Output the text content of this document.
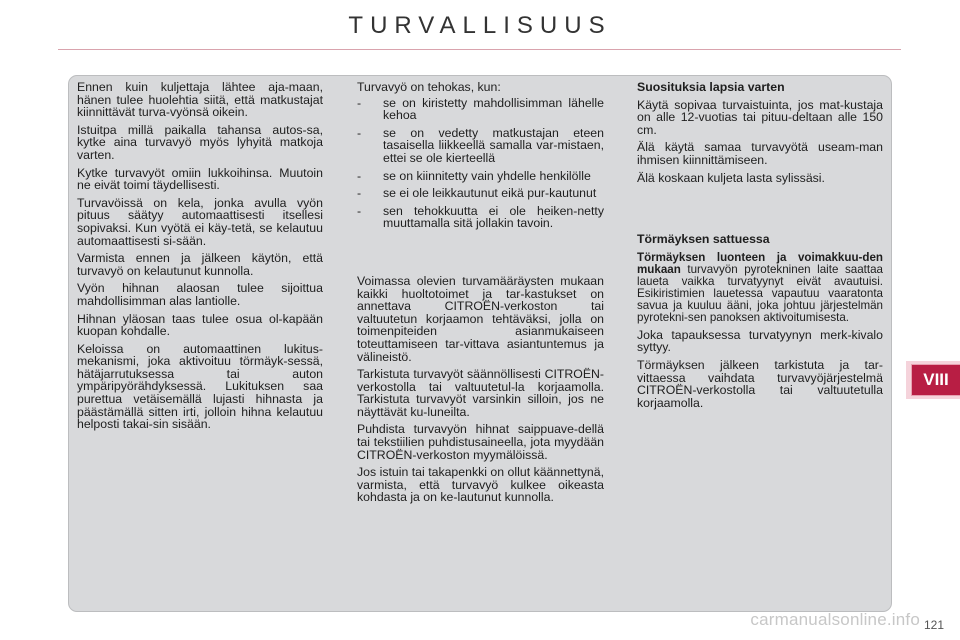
TURVALLISUUS

Ennen kuin kuljettaja lähtee aja-maan, hänen tulee huolehtia siitä, että matkustajat kiinnittävät turva-vyönsä oikein.

Istuitpa millä paikalla tahansa autos-sa, kytke aina turvavyö myös lyhyitä matkoja varten.

Kytke turvavyöt omiin lukkoihinsa. Muutoin ne eivät toimi täydellisesti.

Turvavöissä on kela, jonka avulla vyön pituus säätyy automaattisesti itsellesi sopivaksi. Kun vyötä ei käy-tetä, se kelautuu automaattisesti si-sään.

Varmista ennen ja jälkeen käytön, että turvavyö on kelautunut kunnolla.

Vyön hihnan alaosan tulee sijoittua mahdollisimman alas lantiolle.

Hihnan yläosan taas tulee osua ol-kapään kuopan kohdalle.

Keloissa on automaattinen lukitus-mekanismi, joka aktivoituu törmäyk-sessä, hätäjarrutuksessa tai auton ympäripyörähdyksessä. Lukituksen saa purettua vetäisemällä lujasti hihnasta ja päästämällä sitten irti, jolloin hihna kelautuu helposti takai-sin sisään.

Turvavyö on tehokas, kun:

- se on kiristetty mahdollisimman lähelle kehoa
- se on vedetty matkustajan eteen tasaisella liikkeellä samalla var-mistaen, ettei se ole kierteellä
- se on kiinnitetty vain yhdelle henkilölle
- se ei ole leikkautunut eikä pur-kautunut
- sen tehokkuutta ei ole heiken-netty muuttamalla sitä jollakin tavoin.

Voimassa olevien turvamääräysten mukaan kaikki huoltotoimet ja tar-kastukset on annettava CITROËN-verkoston tai valtuutetun korjaamon tehtäväksi, jolla on toimenpiteiden asianmukaiseen toteuttamiseen tar-vittava asiantuntemus ja välineistö.

Tarkistuta turvavyöt säännöllisesti CITROËN-verkostolla tai valtuutetul-la korjaamolla. Tarkistuta turvavyöt varsinkin silloin, jos ne näyttävät ku-luneilta.

Puhdista turvavyön hihnat saippuave-dellä tai tekstiilien puhdistusaineella, jota myydään CITROËN-verkoston myymälöissä.

Jos istuin tai takapenkki on ollut käännettynä, varmista, että turvavyö kulkee oikeasta kohdasta ja on ke-lautunut kunnolla.

Suosituksia lapsia varten

Käytä sopivaa turvaistuinta, jos mat-kustaja on alle 12-vuotias tai pituu-deltaan alle 150 cm.

Älä käytä samaa turvavyötä useam-man ihmisen kiinnittämiseen.

Älä koskaan kuljeta lasta sylissäsi.

Törmäyksen sattuessa

Törmäyksen luonteen ja voimakkuu-den mukaan turvavyön pyrotekninen laite saattaa laueta vaikka turvatyynyt eivät avautuisi. Esikiristimien lauetessa vapautuu vaaratonta savua ja kuuluu ääni, joka johtuu järjestelmän pyrotekni-sen panoksen aktivoitumisesta.

Joka tapauksessa turvatyynyn merk-kivalo syttyy.

Törmäyksen jälkeen tarkistuta ja tar-vittaessa vaihdata turvavyöjärjestelmä CITROËN-verkostolla tai valtuutetulla korjaamolla.

VIII
carmanualsonline.info 121
